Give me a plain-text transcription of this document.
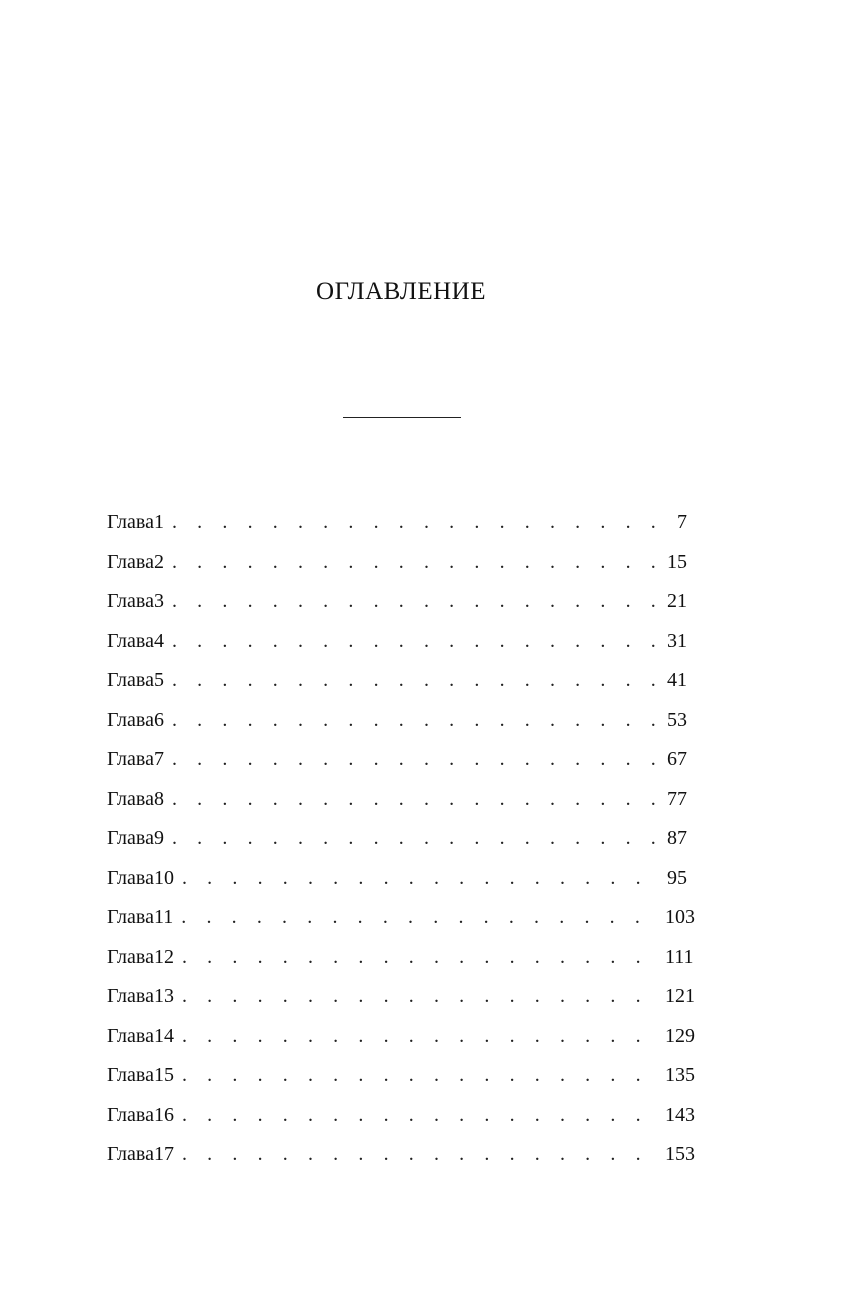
ОГЛАВЛЕНИЕ
Глава 1 . . .	7
Глава 2 . . .	15
Глава 3 . . .	21
Глава 4 . . .	31
Глава 5 . . .	41
Глава 6 . . .	53
Глава 7 . . .	67
Глава 8 . . .	77
Глава 9 . . .	87
Глава 10 . . .	95
Глава 11 . . .	103
Глава 12 . . .	111
Глава 13 . . .	121
Глава 14 . . .	129
Глава 15 . . .	135
Глава 16 . . .	143
Глава 17 . . .	153
